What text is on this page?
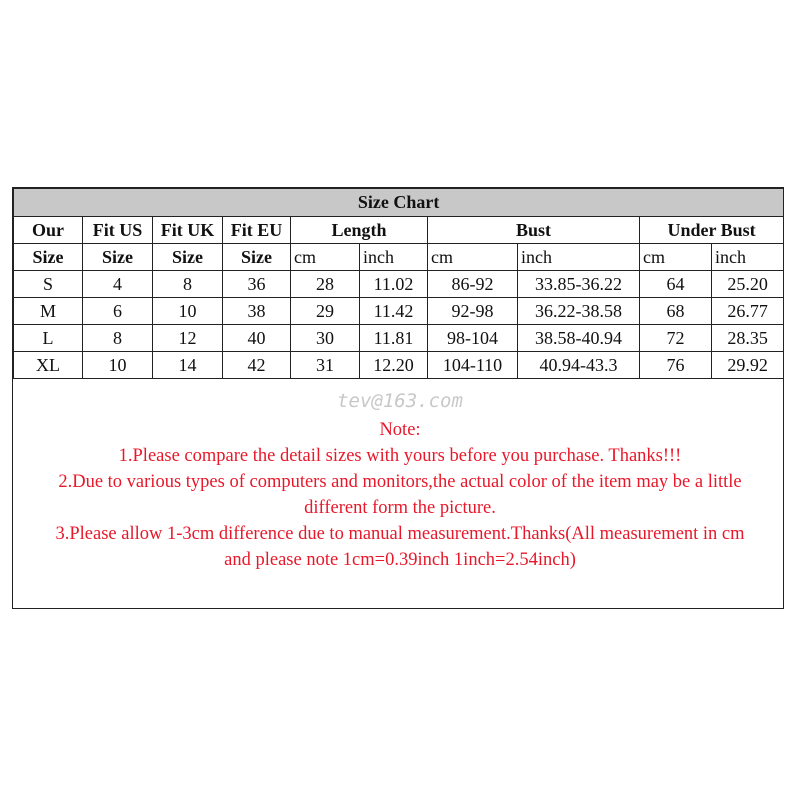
Size Chart									
Our	Fit US	Fit UK	Fit EU	Length		Bust		Under Bust	
Size	Size	Size	Size	cm	inch	cm	inch	cm	inch
S	4	8	36	28	11.02	86-92	33.85-36.22	64	25.20
M	6	10	38	29	11.42	92-98	36.22-38.58	68	26.77
L	8	12	40	30	11.81	98-104	38.58-40.94	72	28.35
XL	10	14	42	31	12.20	104-110	40.94-43.3	76	29.92
tev@163.com
Note:
1.Please compare the detail sizes with yours before you purchase. Thanks!!!
2.Due to various types of computers and monitors,the actual color of the item may be a little
different form the picture.
3.Please allow 1-3cm difference due to manual measurement.Thanks(All measurement in cm
and please note 1cm=0.39inch 1inch=2.54inch)
